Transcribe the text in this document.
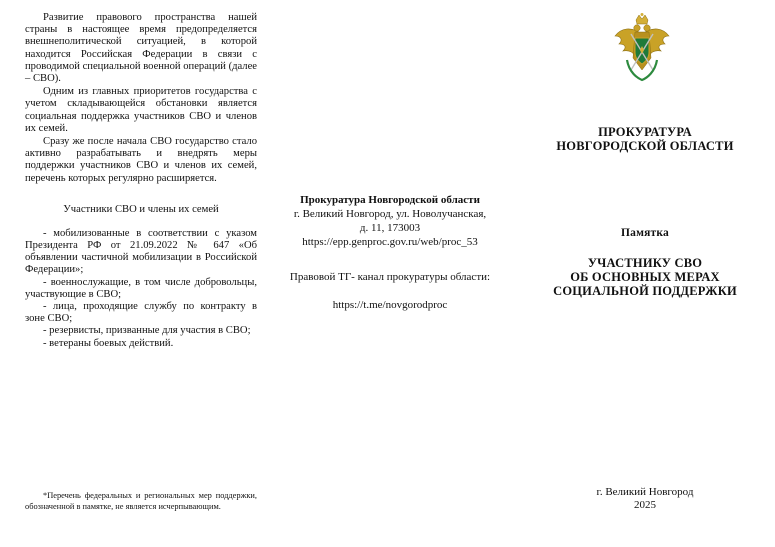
Развитие правового пространства нашей страны в настоящее время предопределяется внешнеполитической ситуацией, в которой находится Российская Федерации в связи с проводимой специальной военной операций (далее – СВО).

Одним из главных приоритетов государства с учетом складывающейся обстановки является социальная поддержка участников СВО и членов их семей.

Сразу же после начала СВО государство стало активно разрабатывать и внедрять меры поддержки участников СВО и членов их семей, перечень которых регулярно расширяется.

Участники СВО и члены их семей

- мобилизованные в соответствии с указом Президента РФ от 21.09.2022 № 647 «Об объявлении частичной мобилизации в Российской Федерации»;

- военнослужащие, в том числе добровольцы, участвующие в СВО;

- лица, проходящие службу по контракту в зоне СВО;

- резервисты, призванные для участия в СВО;

- ветераны боевых действий.

*Перечень федеральных и региональных мер поддержки, обозначенной в памятке, не является исчерпывающим.
Прокуратура Новгородской области
г. Великий Новгород, ул. Новолучанская,
д. 11, 173003
https://epp.genproc.gov.ru/web/proc_53
Правовой ТГ- канал прокуратуры области:
https://t.me/novgorodproc
ПРОКУРАТУРА
НОВГОРОДСКОЙ ОБЛАСТИ
Памятка
УЧАСТНИКУ СВО
ОБ ОСНОВНЫХ МЕРАХ
СОЦИАЛЬНОЙ ПОДДЕРЖКИ
г. Великий Новгород
2025
